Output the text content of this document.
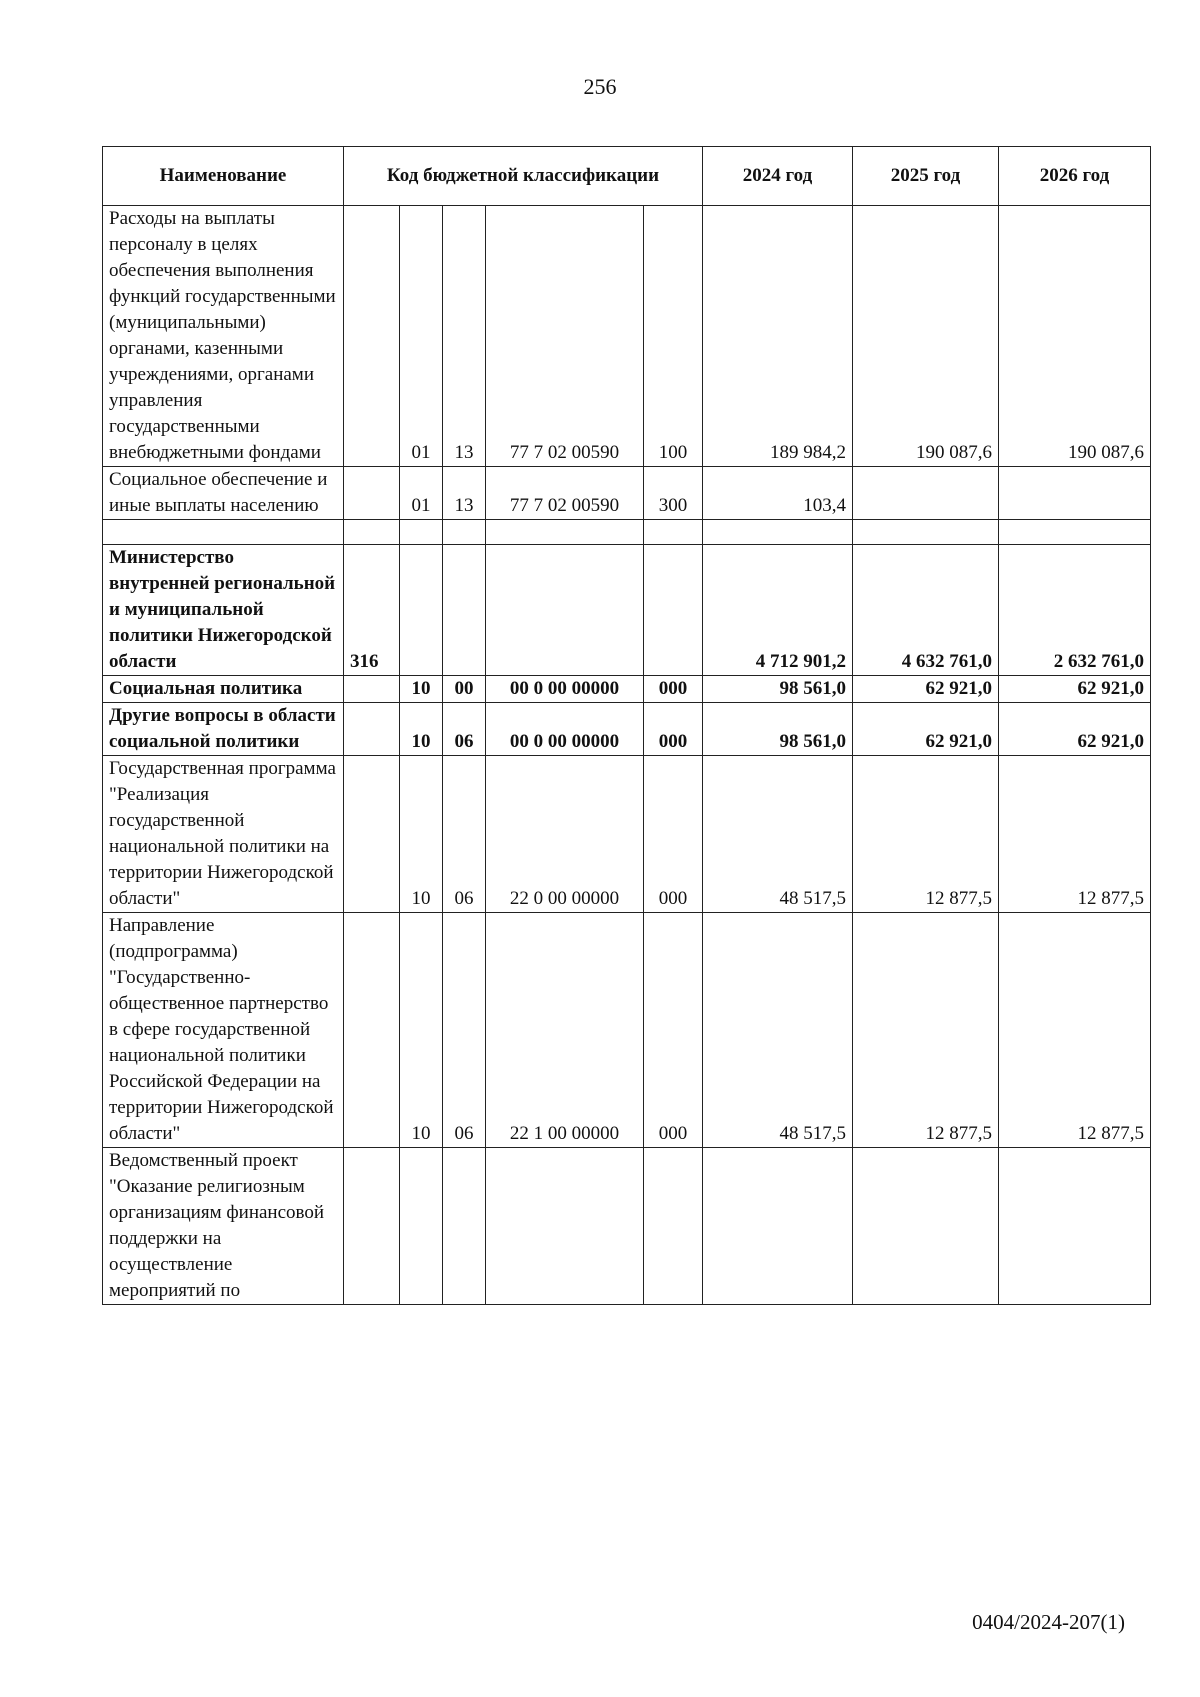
256
Наименование	Код бюджетной классификации					2024 год	2025 год	2026 год
Расходы на выплаты персоналу в целях обеспечения выполнения функций государственными (муниципальными) органами, казенными учреждениями, органами управления государственными внебюджетными фондами		01	13	77 7 02 00590	100	189 984,2	190 087,6	190 087,6
Социальное обеспечение и иные выплаты населению		01	13	77 7 02 00590	300	103,4		

Министерство внутренней региональной и муниципальной политики Нижегородской области	316					4 712 901,2	4 632 761,0	2 632 761,0
Социальная политика		10	00	00 0 00 00000	000	98 561,0	62 921,0	62 921,0
Другие вопросы в области социальной политики		10	06	00 0 00 00000	000	98 561,0	62 921,0	62 921,0
Государственная программа "Реализация государственной национальной политики на территории Нижегородской области"		10	06	22 0 00 00000	000	48 517,5	12 877,5	12 877,5
Направление (подпрограмма) "Государственно-общественное партнерство в сфере государственной национальной политики Российской Федерации на территории Нижегородской области"		10	06	22 1 00 00000	000	48 517,5	12 877,5	12 877,5
Ведомственный проект "Оказание религиозным организациям финансовой поддержки на осуществление мероприятий по								
0404/2024-207(1)
